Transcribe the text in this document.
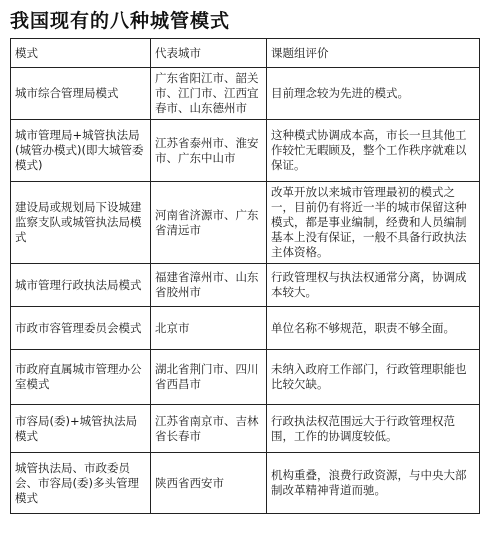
我国现有的八种城管模式
模式	代表城市	课题组评价
城市综合管理局模式	广东省阳江市、韶关市、江门市、江西宜春市、山东德州市	目前理念较为先进的模式。
城市管理局+城管执法局(城管办模式)(即大城管委模式)	江苏省泰州市、淮安市、广东中山市	这种模式协调成本高，市长一旦其他工作较忙无暇顾及，整个工作秩序就难以保证。
建设局或规划局下设城建监察支队或城管执法局模式	河南省济源市、广东省清远市	改革开放以来城市管理最初的模式之一，目前仍有将近一半的城市保留这种模式，都是事业编制，经费和人员编制基本上没有保证，一般不具备行政执法主体资格。
城市管理行政执法局模式	福建省漳州市、山东省胶州市	行政管理权与执法权通常分离，协调成本较大。
市政市容管理委员会模式	北京市	单位名称不够规范，职责不够全面。
市政府直属城市管理办公室模式	湖北省荆门市、四川省西昌市	未纳入政府工作部门，行政管理职能也比较欠缺。
市容局(委)+城管执法局模式	江苏省南京市、吉林省长春市	行政执法权范围远大于行政管理权范围，工作的协调度较低。
城管执法局、市政委员会、市容局(委)多头管理模式	陕西省西安市	机构重叠，浪费行政资源，与中央大部制改革精神背道而驰。
